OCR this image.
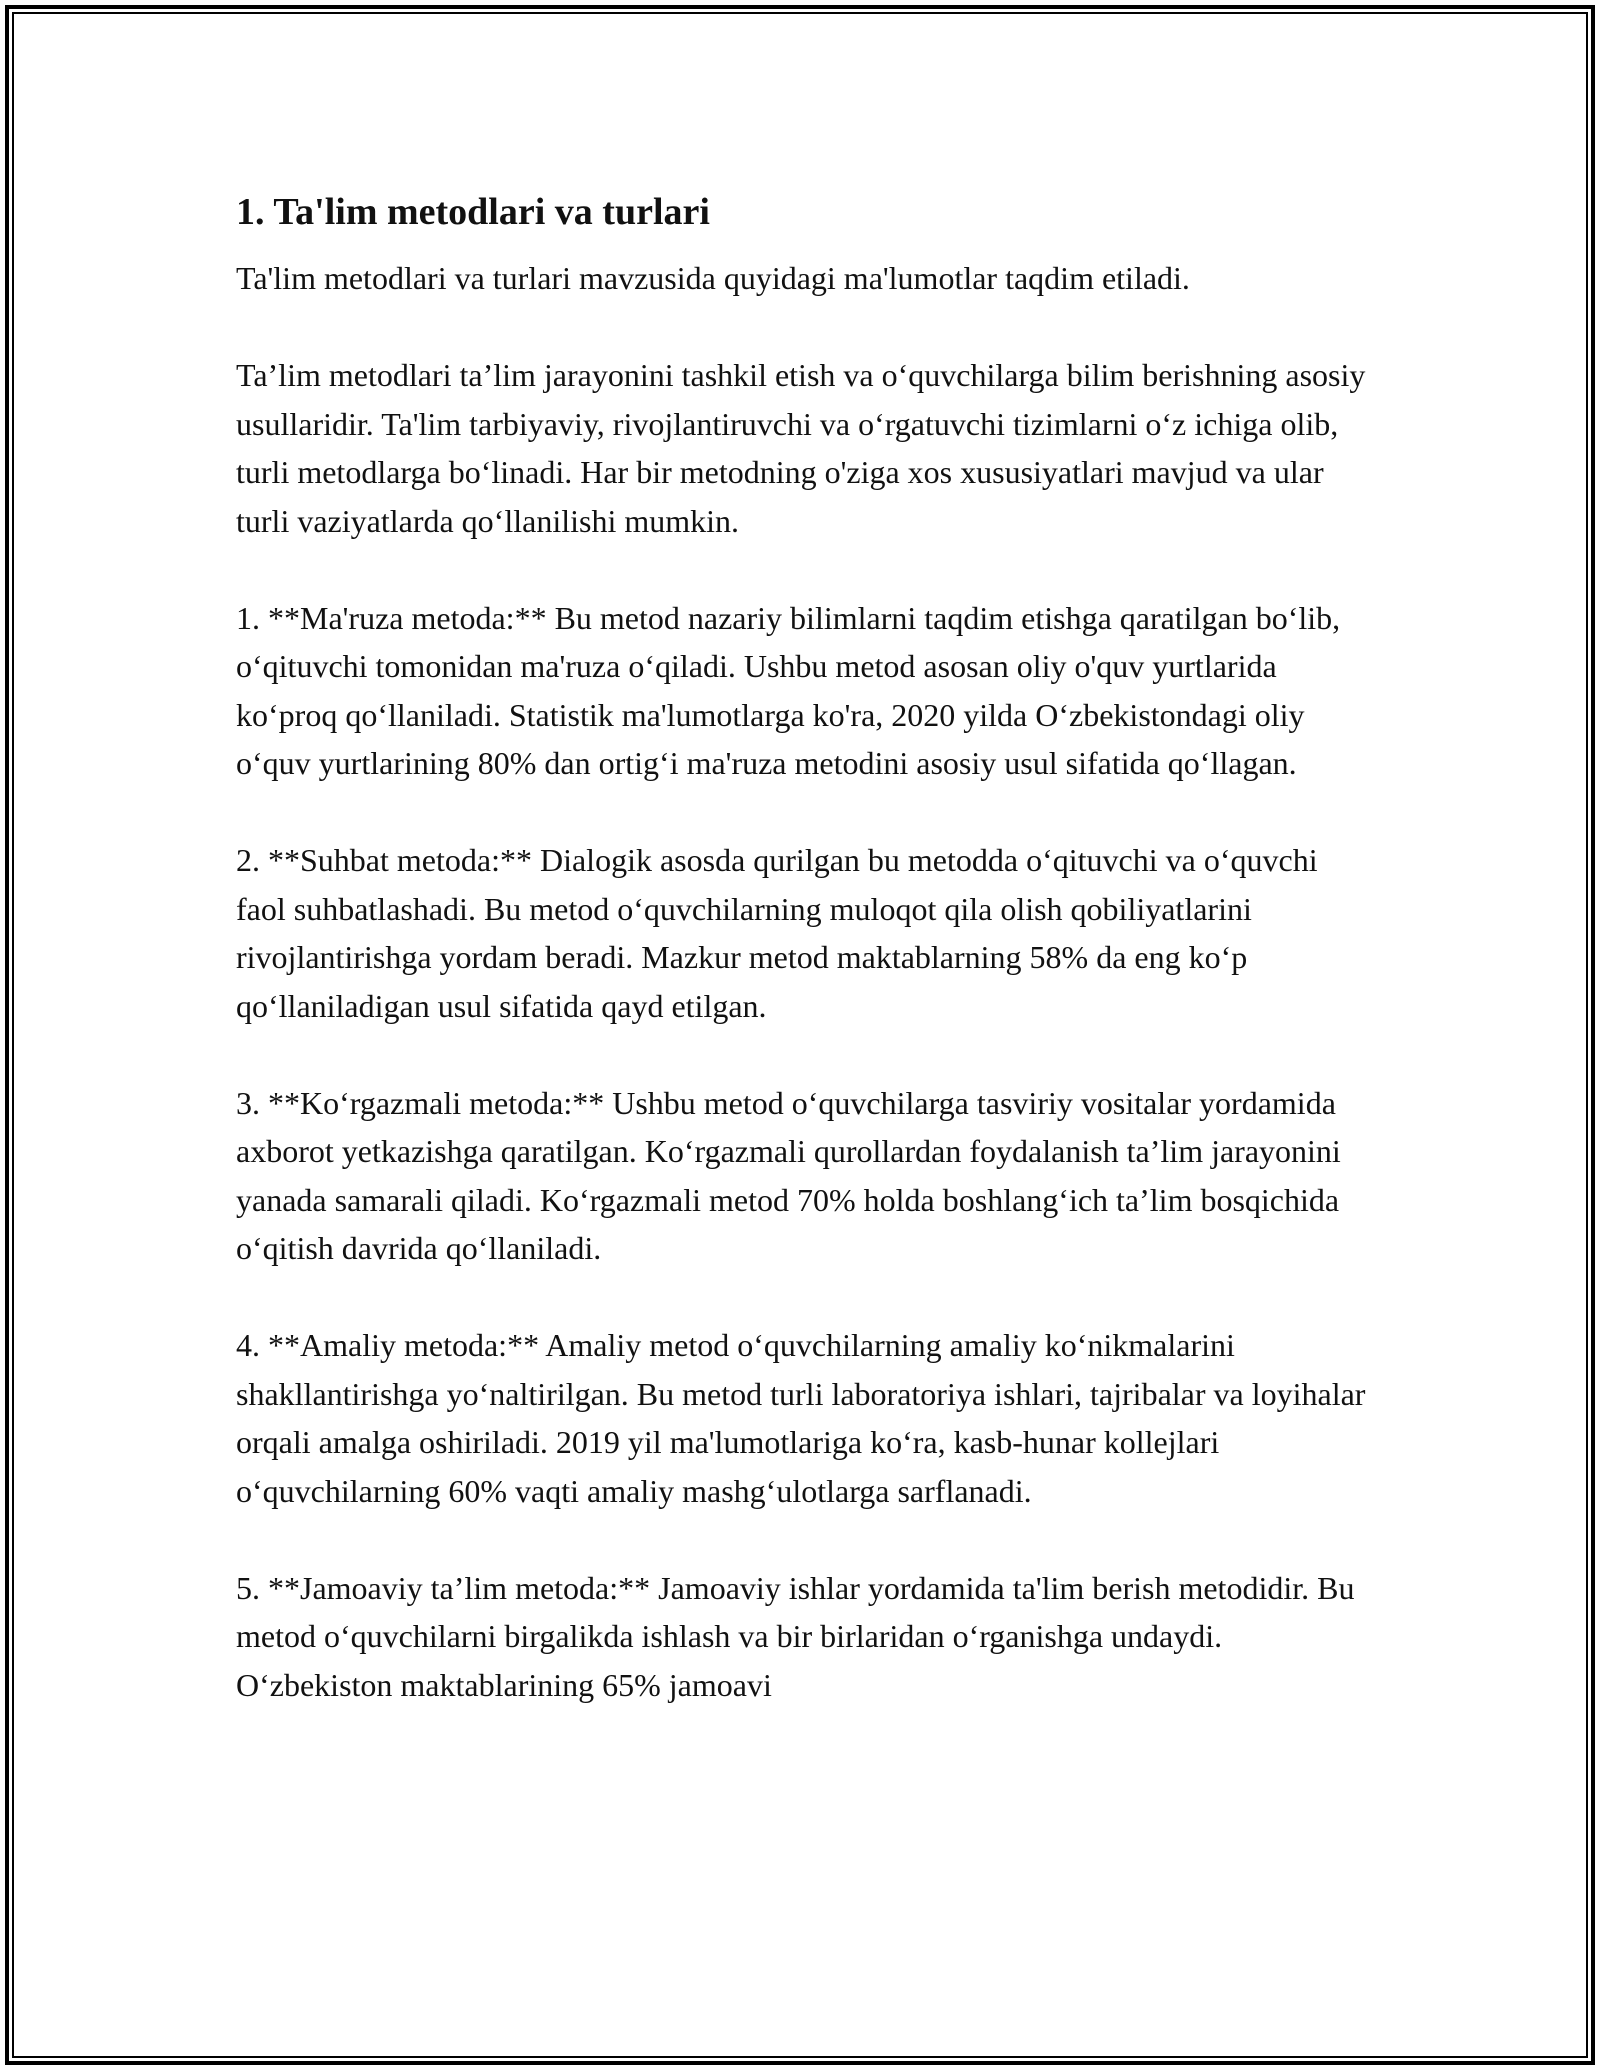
1. Ta'lim metodlari va turlari

Ta'lim metodlari va turlari mavzusida quyidagi ma'lumotlar taqdim etiladi.

Ta’lim metodlari ta’lim jarayonini tashkil etish va o‘quvchilarga bilim berishning asosiy usullaridir. Ta'lim tarbiyaviy, rivojlantiruvchi va o‘rgatuvchi tizimlarni o‘z ichiga olib, turli metodlarga bo‘linadi. Har bir metodning o'ziga xos xususiyatlari mavjud va ular turli vaziyatlarda qo‘llanilishi mumkin.

1. **Ma'ruza metoda:** Bu metod nazariy bilimlarni taqdim etishga qaratilgan bo‘lib, o‘qituvchi tomonidan ma'ruza o‘qiladi. Ushbu metod asosan oliy o'quv yurtlarida ko‘proq qo‘llaniladi. Statistik ma'lumotlarga ko'ra, 2020 yilda O‘zbekistondagi oliy o‘quv yurtlarining 80% dan ortig‘i ma'ruza metodini asosiy usul sifatida qo‘llagan.

2. **Suhbat metoda:** Dialogik asosda qurilgan bu metodda o‘qituvchi va o‘quvchi faol suhbatlashadi. Bu metod o‘quvchilarning muloqot qila olish qobiliyatlarini rivojlantirishga yordam beradi. Mazkur metod maktablarning 58% da eng ko‘p qo‘llaniladigan usul sifatida qayd etilgan.

3. **Ko‘rgazmali metoda:** Ushbu metod o‘quvchilarga tasviriy vositalar yordamida axborot yetkazishga qaratilgan. Ko‘rgazmali qurollardan foydalanish ta’lim jarayonini yanada samarali qiladi. Ko‘rgazmali metod 70% holda boshlang‘ich ta’lim bosqichida o‘qitish davrida qo‘llaniladi.

4. **Amaliy metoda:** Amaliy metod o‘quvchilarning amaliy ko‘nikmalarini shakllantirishga yo‘naltirilgan. Bu metod turli laboratoriya ishlari, tajribalar va loyihalar orqali amalga oshiriladi. 2019 yil ma'lumotlariga ko‘ra, kasb-hunar kollejlari o‘quvchilarning 60% vaqti amaliy mashg‘ulotlarga sarflanadi.

5. **Jamoaviy ta’lim metoda:** Jamoaviy ishlar yordamida ta'lim berish metodidir. Bu metod o‘quvchilarni birgalikda ishlash va bir birlaridan o‘rganishga undaydi. O‘zbekiston maktablarining 65% jamoavi
